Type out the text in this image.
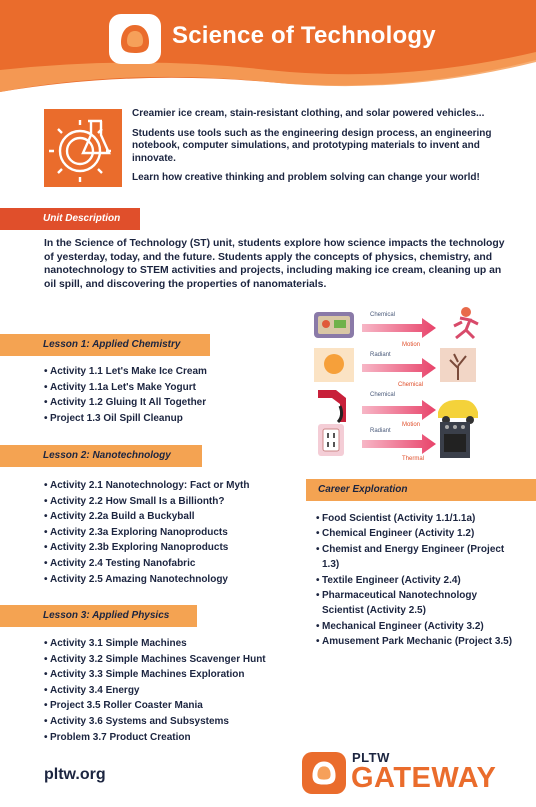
Science of Technology

Creamier ice cream, stain-resistant clothing, and solar powered vehicles...

Students use tools such as the engineering design process, an engineering notebook, computer simulations, and prototyping materials to invent and innovate.

Learn how creative thinking and problem solving can change your world!

Unit Description
In the Science of Technology (ST) unit, students explore how science impacts the technology of yesterday, today, and the future. Students apply the concepts of physics, chemistry, and nanotechnology to STEM activities and projects, including making ice cream, cleaning up an oil spill, and discovering the properties of nanomaterials.
Chemical
Motion
Radiant
Chemical
Chemical
Motion
Radiant
Thermal
Lesson 1: Applied Chemistry
• Activity 1.1 Let's Make Ice Cream
• Activity 1.1a Let's Make Yogurt
• Activity 1.2 Gluing It All Together
• Project 1.3 Oil Spill Cleanup
Lesson 2: Nanotechnology
• Activity 2.1 Nanotechnology: Fact or Myth
• Activity 2.2 How Small Is a Billionth?
• Activity 2.2a Build a Buckyball
• Activity 2.3a Exploring Nanoproducts
• Activity 2.3b Exploring Nanoproducts
• Activity 2.4 Testing Nanofabric
• Activity 2.5 Amazing Nanotechnology
Career Exploration
• Food Scientist (Activity 1.1/1.1a)
• Chemical Engineer (Activity 1.2)
• Chemist and Energy Engineer (Project 1.3)
• Textile Engineer (Activity 2.4)
• Pharmaceutical Nanotechnology Scientist (Activity 2.5)
• Mechanical Engineer (Activity 3.2)
• Amusement Park Mechanic (Project 3.5)
Lesson 3: Applied Physics
• Activity 3.1 Simple Machines
• Activity 3.2 Simple Machines Scavenger Hunt
• Activity 3.3 Simple Machines Exploration
• Activity 3.4 Energy
• Project 3.5 Roller Coaster Mania
• Activity 3.6 Systems and Subsystems
• Problem 3.7 Product Creation
pltw.org
PLTW
GATEWAY
